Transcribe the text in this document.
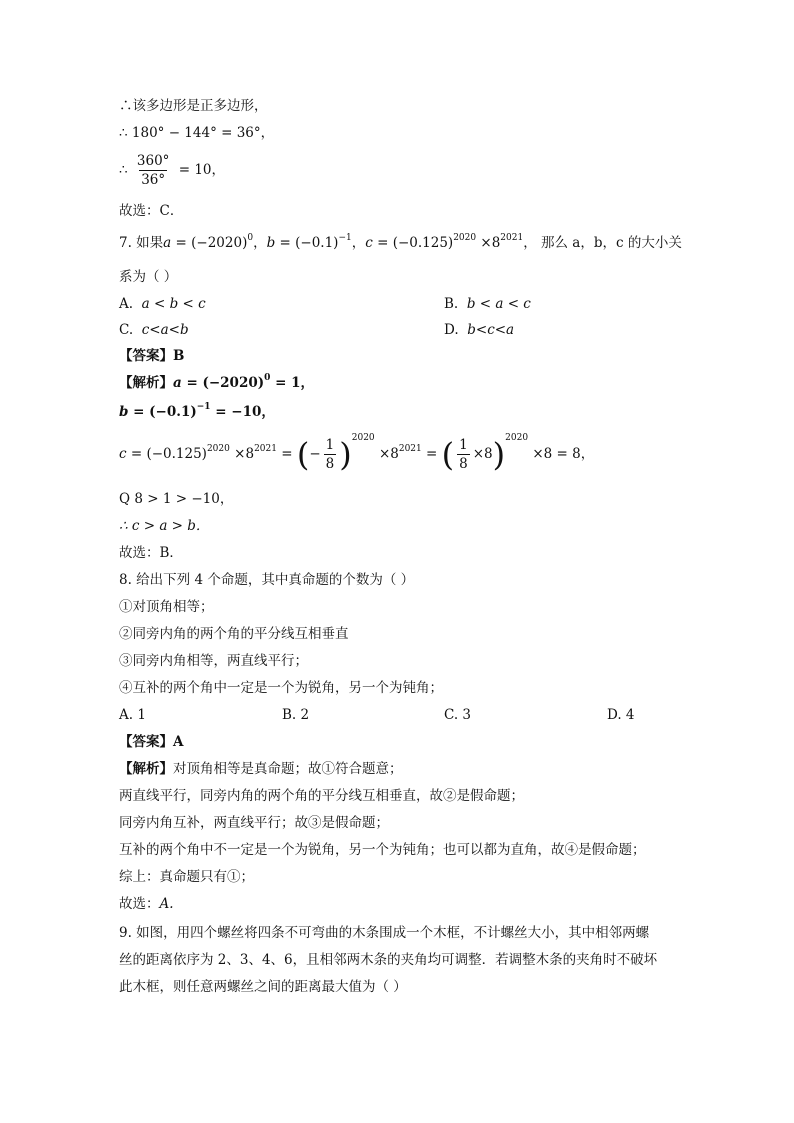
∴该多边形是正多边形，
∴ 180° − 144° = 36°，
∴ $\frac{360^\circ}{36^\circ} = 10$，
故选：C．
7. 如果$a = (-2020)^0$，$b = (-0.1)^{-1}$，$c = (-0.125)^{2020} \times 8^{2021}$， 那么 a，b，c 的大小关
系为（ ）
A. a < b < c	B. b < a < c
C. c<a<b	D. b<c<a
【答案】B
【解析】$a = (-2020)^0 = 1$，
$b = (-0.1)^{-1} = -10$，
$c = (-0.125)^{2020} \times 8^{2021}$ = (− $\frac{1}{8} )^{2020} \times 8^{2021}$ = ( $\frac{1}{8} \times 8)^{2020} \times 8 = 8$，
Q 8 > 1 > −10，
∴ c > a > b．
故选：B．
8. 给出下列 4 个命题，其中真命题的个数为（ ）
①对顶角相等；
②同旁内角的两个角的平分线互相垂直
③同旁内角相等，两直线平行；
④互补的两个角中一定是一个为锐角，另一个为钝角；
A. 1	B. 2	C. 3	D. 4
【答案】A
【解析】对顶角相等是真命题；故①符合题意；
两直线平行，同旁内角的两个角的平分线互相垂直，故②是假命题；
同旁内角互补，两直线平行；故③是假命题；
互补的两个角中不一定是一个为锐角，另一个为钝角；也可以都为直角，故④是假命题；
综上：真命题只有①；
故选：A.
9. 如图，用四个螺丝将四条不可弯曲的木条围成一个木框，不计螺丝大小，其中相邻两螺
丝的距离依序为 2、3、4、6，且相邻两木条的夹角均可调整．若调整木条的夹角时不破坏
此木框，则任意两螺丝之间的距离最大值为（ ）
